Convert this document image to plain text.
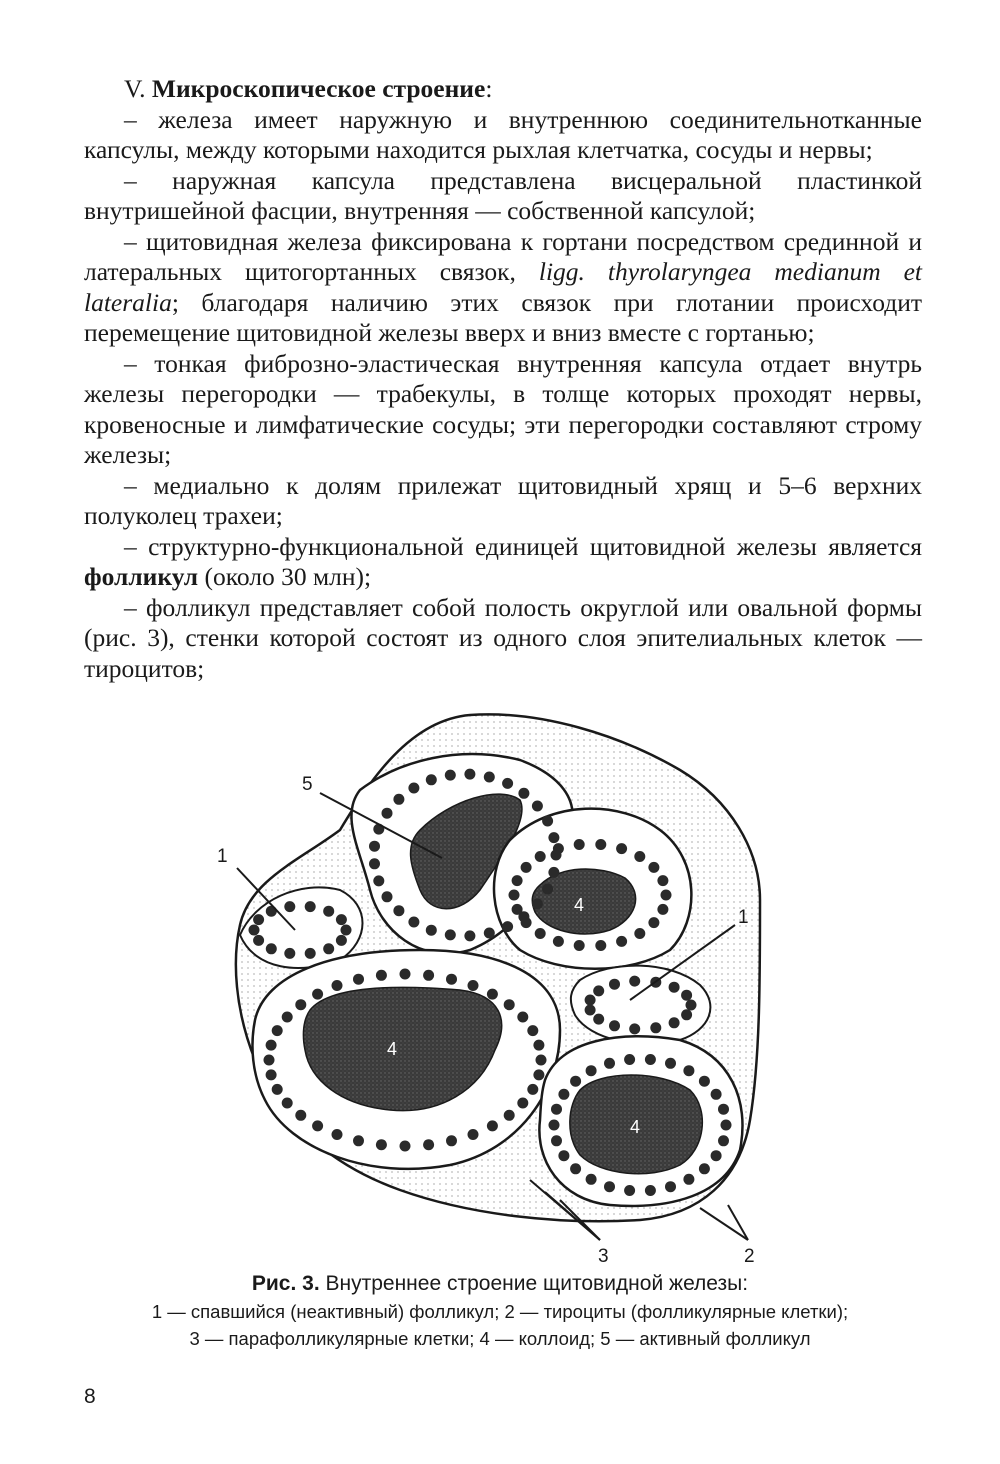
V. Микроскопическое строение:

– железа имеет наружную и внутреннюю соединительнотканные капсулы, между которыми находится рыхлая клетчатка, сосуды и нервы;

– наружная капсула представлена висцеральной пластинкой внутришейной фасции, внутренняя — собственной капсулой;

– щитовидная железа фиксирована к гортани посредством срединной и латеральных щитогортанных связок, ligg. thyrolaryngea medianum et lateralia; благодаря наличию этих связок при глотании происходит перемещение щитовидной железы вверх и вниз вместе с гортанью;

– тонкая фиброзно-эластическая внутренняя капсула отдает внутрь железы перегородки — трабекулы, в толще которых проходят нервы, кровеносные и лимфатические сосуды; эти перегородки составляют строму железы;

– медиально к долям прилежат щитовидный хрящ и 5–6 верхних полуколец трахеи;

– структурно-функциональной единицей щитовидной железы является фолликул (около 30 млн);

– фолликул представляет собой полость округлой или овальной формы (рис. 3), стенки которой состоят из одного слоя эпителиальных клеток — тироцитов;

5
1
1
4
4
4
3	2
Рис. 3. Внутреннее строение щитовидной железы:
1 — спавшийся (неактивный) фолликул; 2 — тироциты (фолликулярные клетки);
3 — парафолликулярные клетки; 4 — коллоид; 5 — активный фолликул
8
